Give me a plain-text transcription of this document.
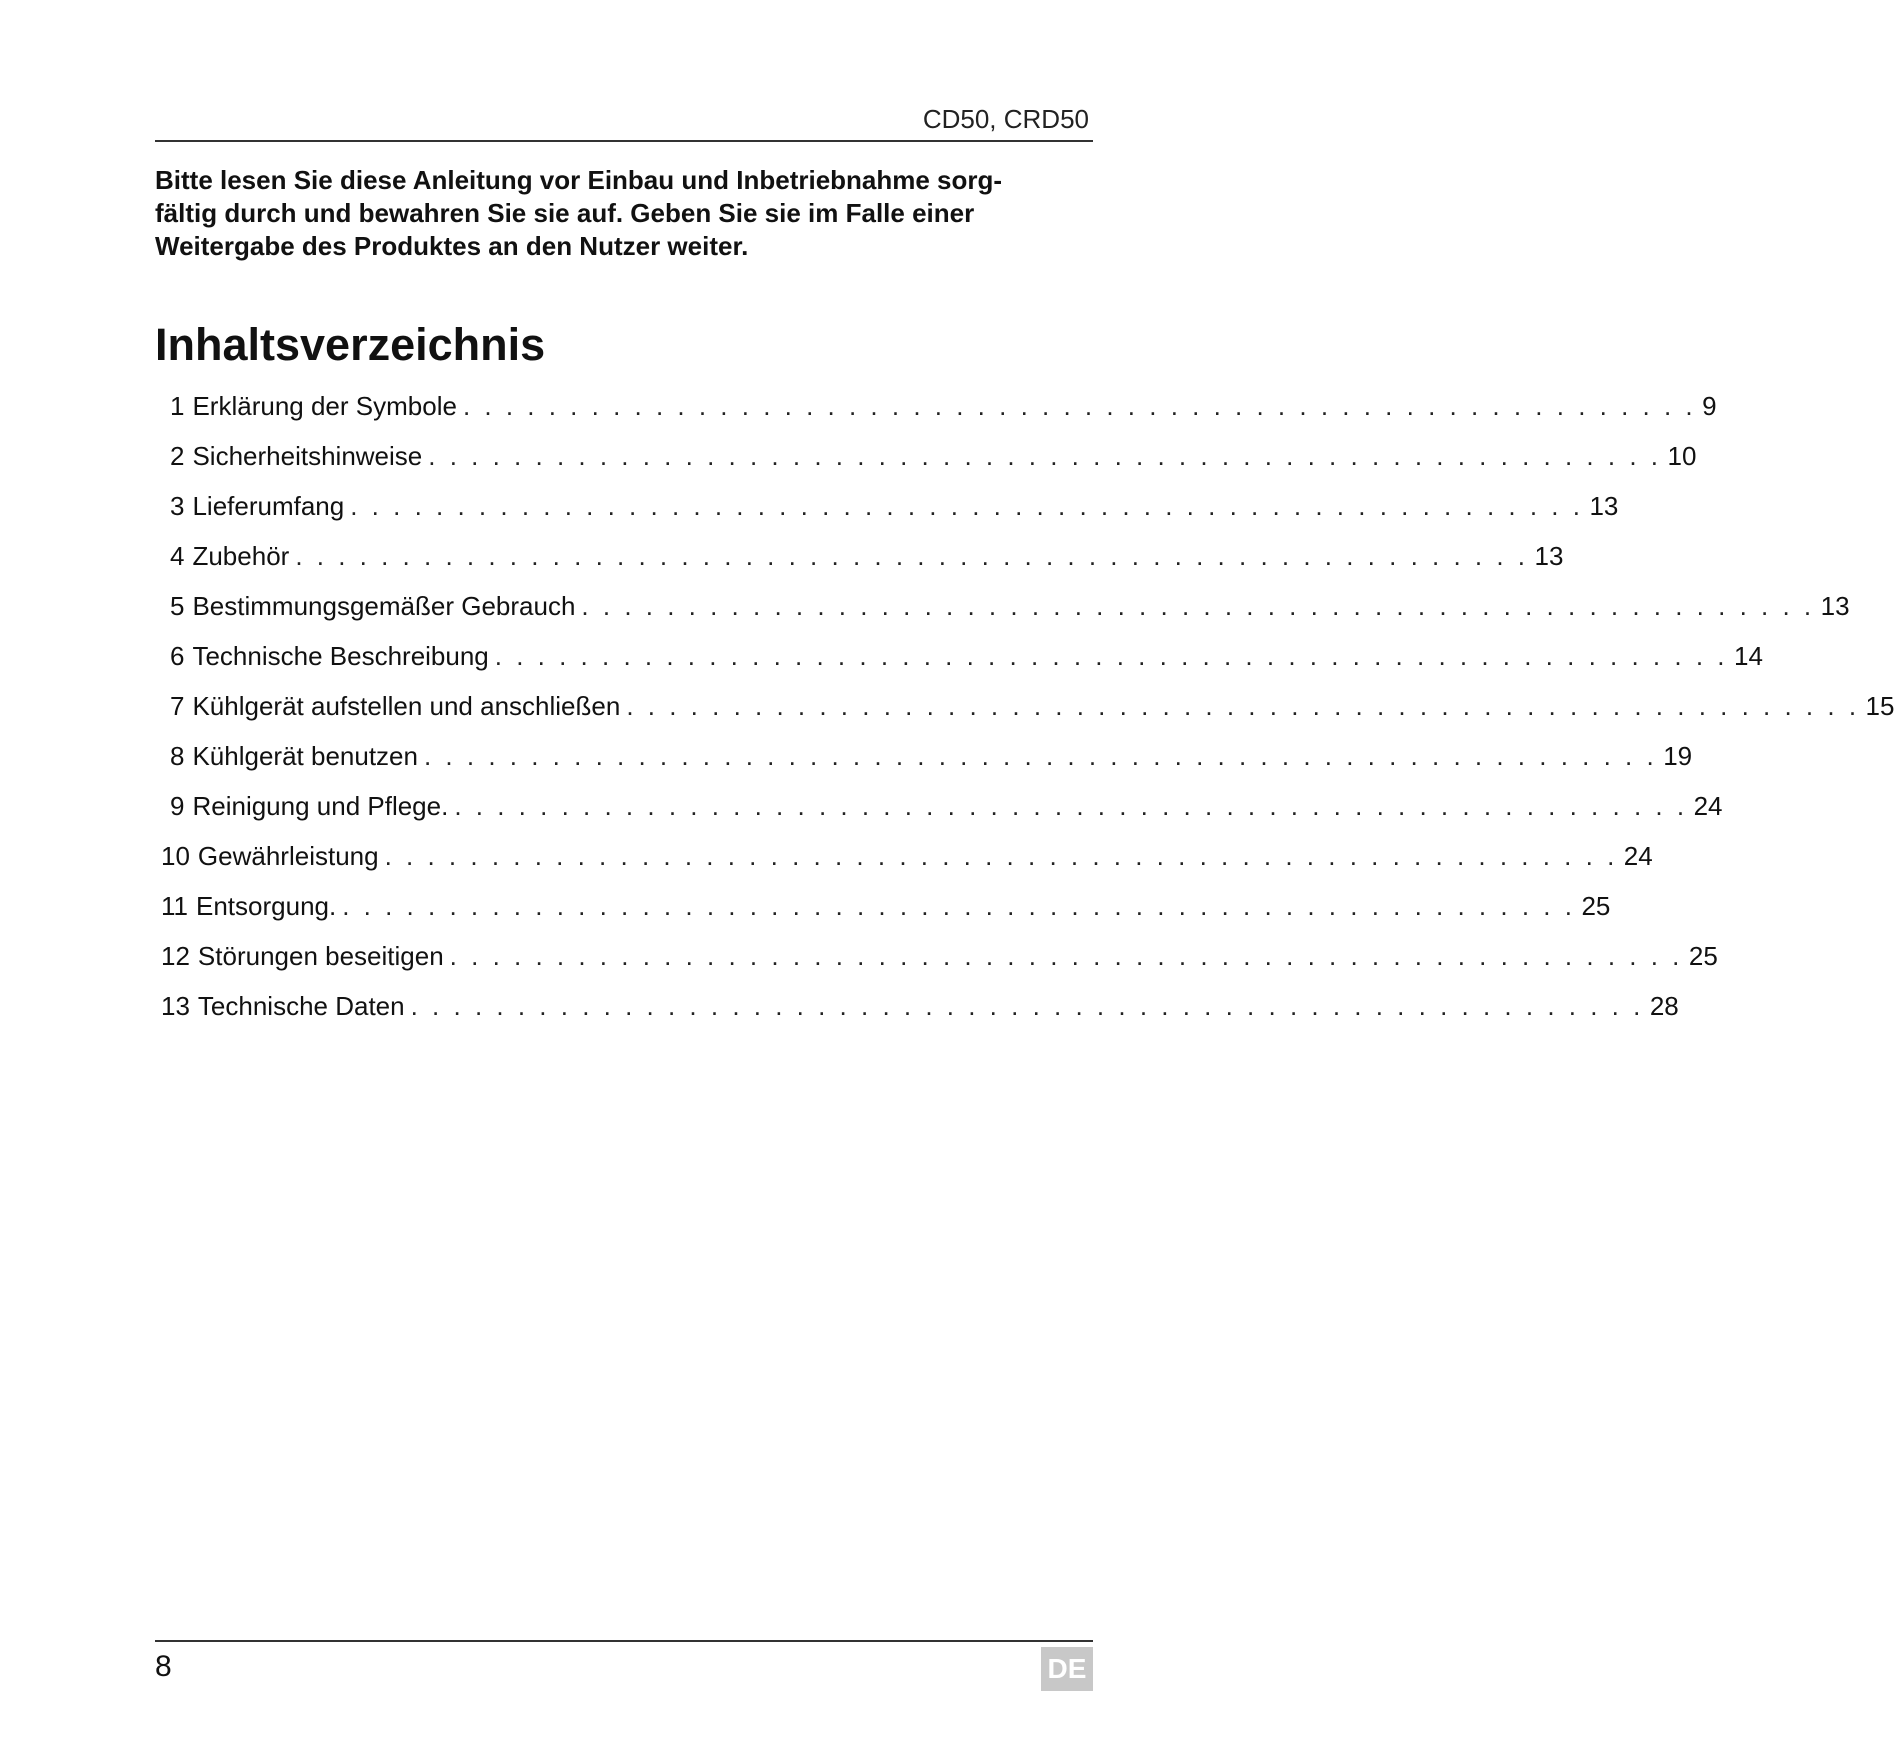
CD50, CRD50

Bitte lesen Sie diese Anleitung vor Einbau und Inbetriebnahme sorg-
fältig durch und bewahren Sie sie auf. Geben Sie sie im Falle einer
Weitergabe des Produktes an den Nutzer weiter.

Inhaltsverzeichnis
1 Erklärung der Symbole . . . . . . . . . . . . . . . . . . . . . . . . . . . . . . . . . . . . . . . . . . . . . . . . . . . . . . . . . . 9
2 Sicherheitshinweise . . . . . . . . . . . . . . . . . . . . . . . . . . . . . . . . . . . . . . . . . . . . . . . . . . . . . . . . . . 10
3 Lieferumfang . . . . . . . . . . . . . . . . . . . . . . . . . . . . . . . . . . . . . . . . . . . . . . . . . . . . . . . . . . 13
4 Zubehör . . . . . . . . . . . . . . . . . . . . . . . . . . . . . . . . . . . . . . . . . . . . . . . . . . . . . . . . . . 13
5 Bestimmungsgemäßer Gebrauch . . . . . . . . . . . . . . . . . . . . . . . . . . . . . . . . . . . . . . . . . . . . . . . . . . . . . . . . . . 13
6 Technische Beschreibung . . . . . . . . . . . . . . . . . . . . . . . . . . . . . . . . . . . . . . . . . . . . . . . . . . . . . . . . . . 14
7 Kühlgerät aufstellen und anschließen . . . . . . . . . . . . . . . . . . . . . . . . . . . . . . . . . . . . . . . . . . . . . . . . . . . . . . . . . . 15
8 Kühlgerät benutzen . . . . . . . . . . . . . . . . . . . . . . . . . . . . . . . . . . . . . . . . . . . . . . . . . . . . . . . . . . 19
9 Reinigung und Pflege. . . . . . . . . . . . . . . . . . . . . . . . . . . . . . . . . . . . . . . . . . . . . . . . . . . . . . . . . . . 24
10 Gewährleistung . . . . . . . . . . . . . . . . . . . . . . . . . . . . . . . . . . . . . . . . . . . . . . . . . . . . . . . . . . 24
11 Entsorgung. . . . . . . . . . . . . . . . . . . . . . . . . . . . . . . . . . . . . . . . . . . . . . . . . . . . . . . . . . . 25
12 Störungen beseitigen . . . . . . . . . . . . . . . . . . . . . . . . . . . . . . . . . . . . . . . . . . . . . . . . . . . . . . . . . . 25
13 Technische Daten . . . . . . . . . . . . . . . . . . . . . . . . . . . . . . . . . . . . . . . . . . . . . . . . . . . . . . . . . . 28
8	DE
